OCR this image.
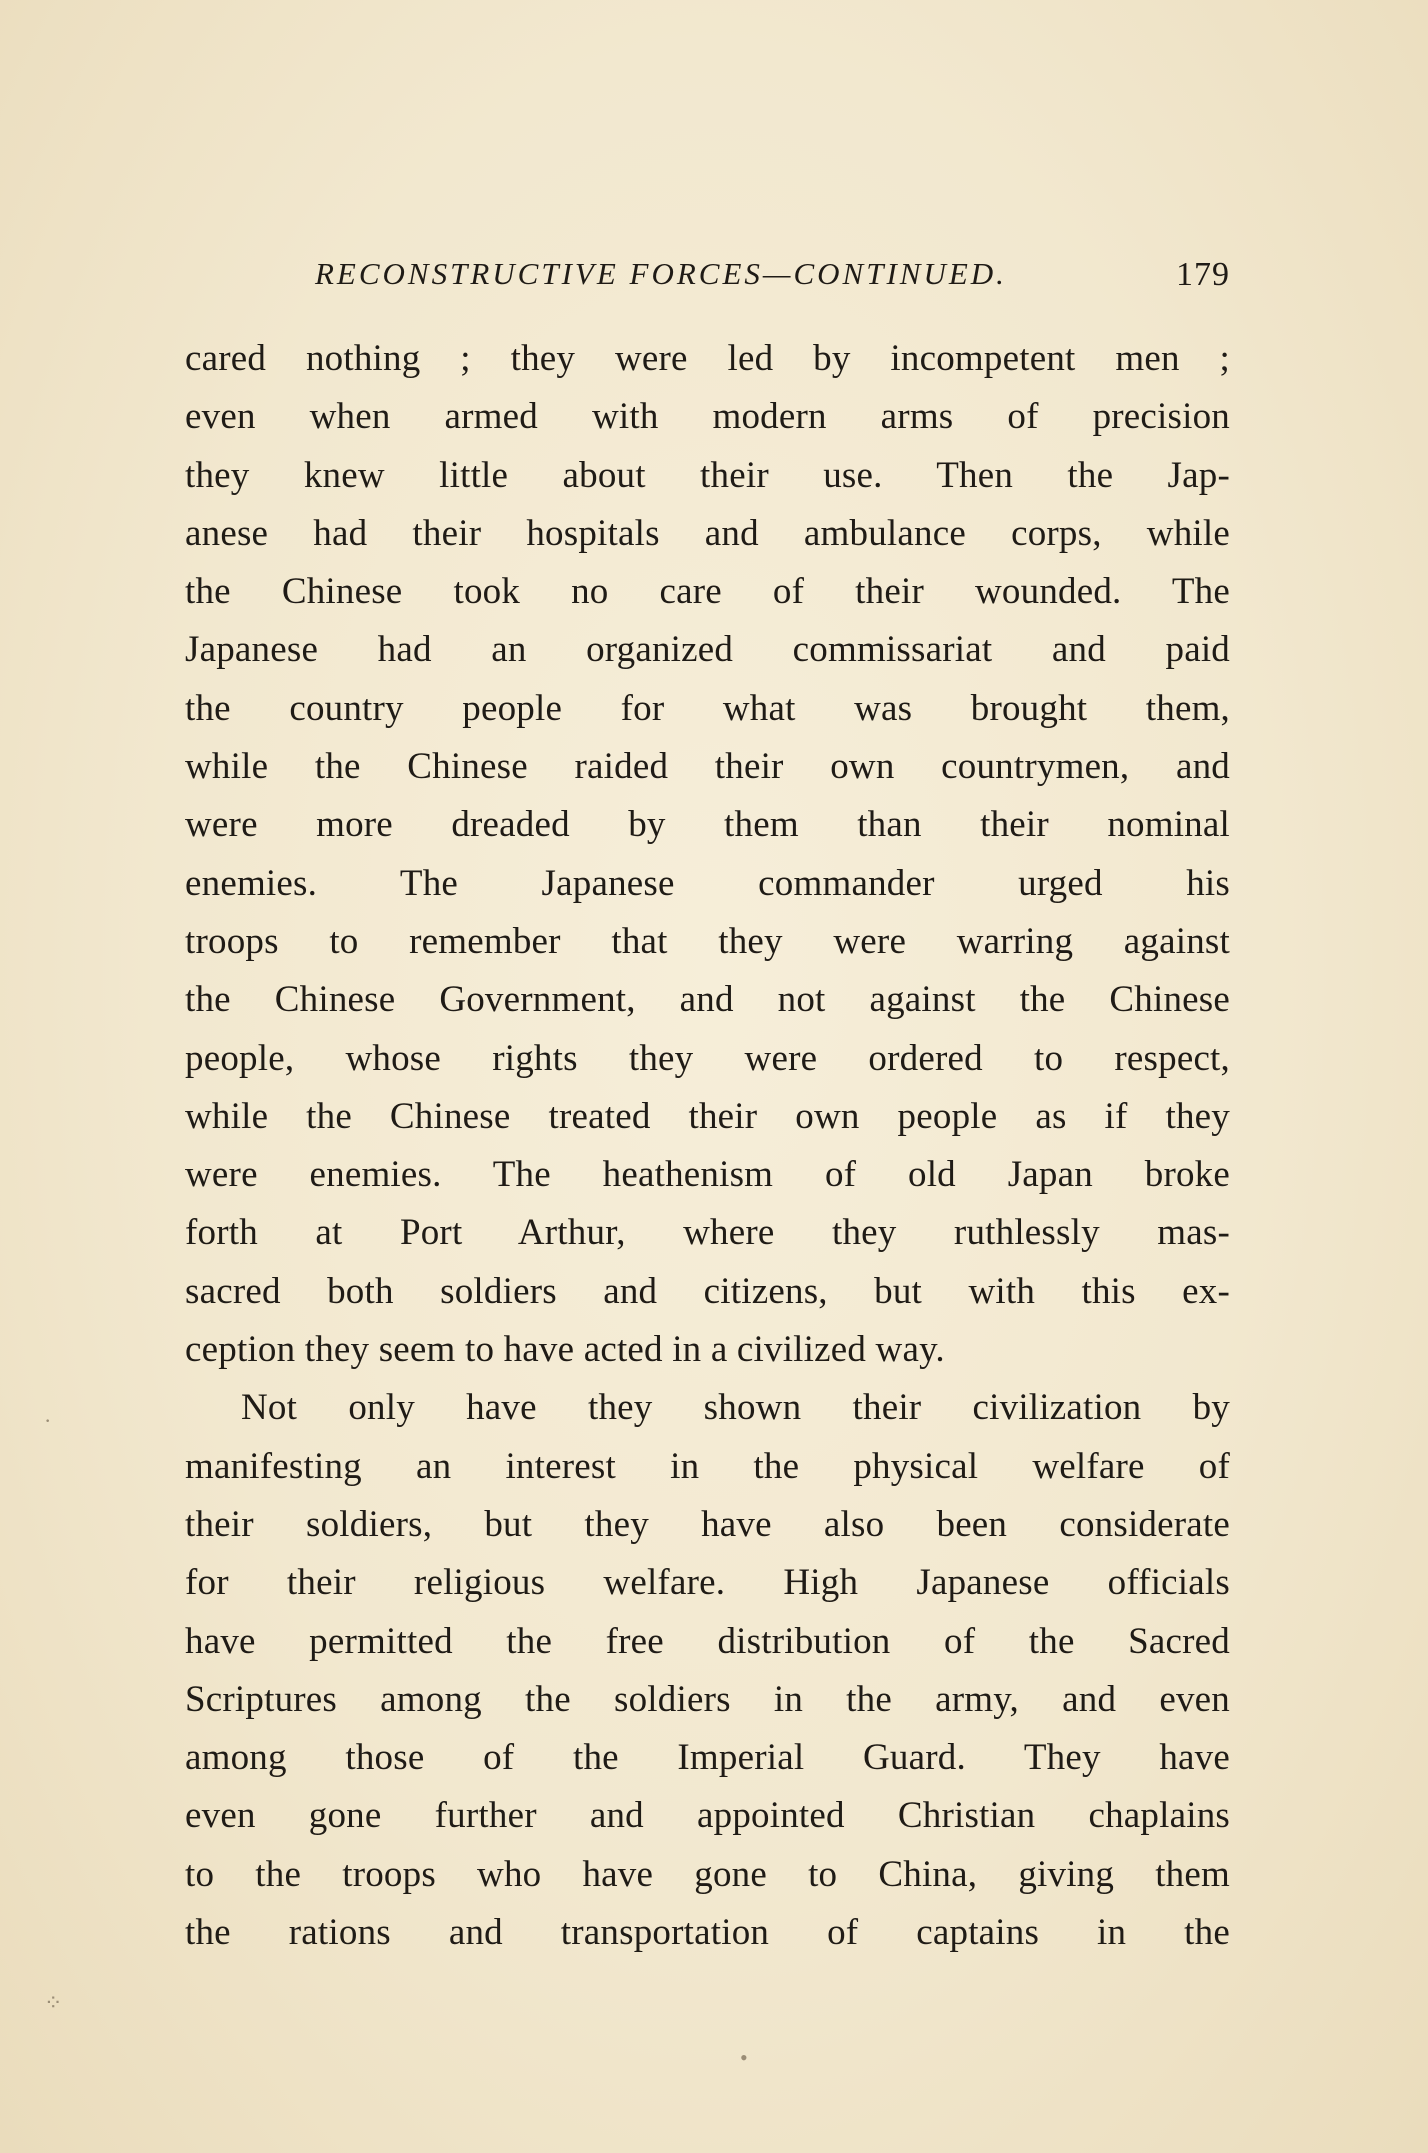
RECONSTRUCTIVE FORCES—CONTINUED.	179
cared nothing ; they were led by incompetent men ;
even when armed with modern arms of precision
they knew little about their use. Then the Jap-
anese had their hospitals and ambulance corps, while
the Chinese took no care of their wounded. The
Japanese had an organized commissariat and paid
the country people for what was brought them,
while the Chinese raided their own countrymen, and
were more dreaded by them than their nominal
enemies. The Japanese commander urged his
troops to remember that they were warring against
the Chinese Government, and not against the Chinese
people, whose rights they were ordered to respect,
while the Chinese treated their own people as if they
were enemies. The heathenism of old Japan broke
forth at Port Arthur, where they ruthlessly mas-
sacred both soldiers and citizens, but with this ex-
ception they seem to have acted in a civilized way.
Not only have they shown their civilization by
manifesting an interest in the physical welfare of
their soldiers, but they have also been considerate
for their religious welfare. High Japanese officials
have permitted the free distribution of the Sacred
Scriptures among the soldiers in the army, and even
among those of the Imperial Guard. They have
even gone further and appointed Christian chaplains
to the troops who have gone to China, giving them
the rations and transportation of captains in the
·
⁘
•
